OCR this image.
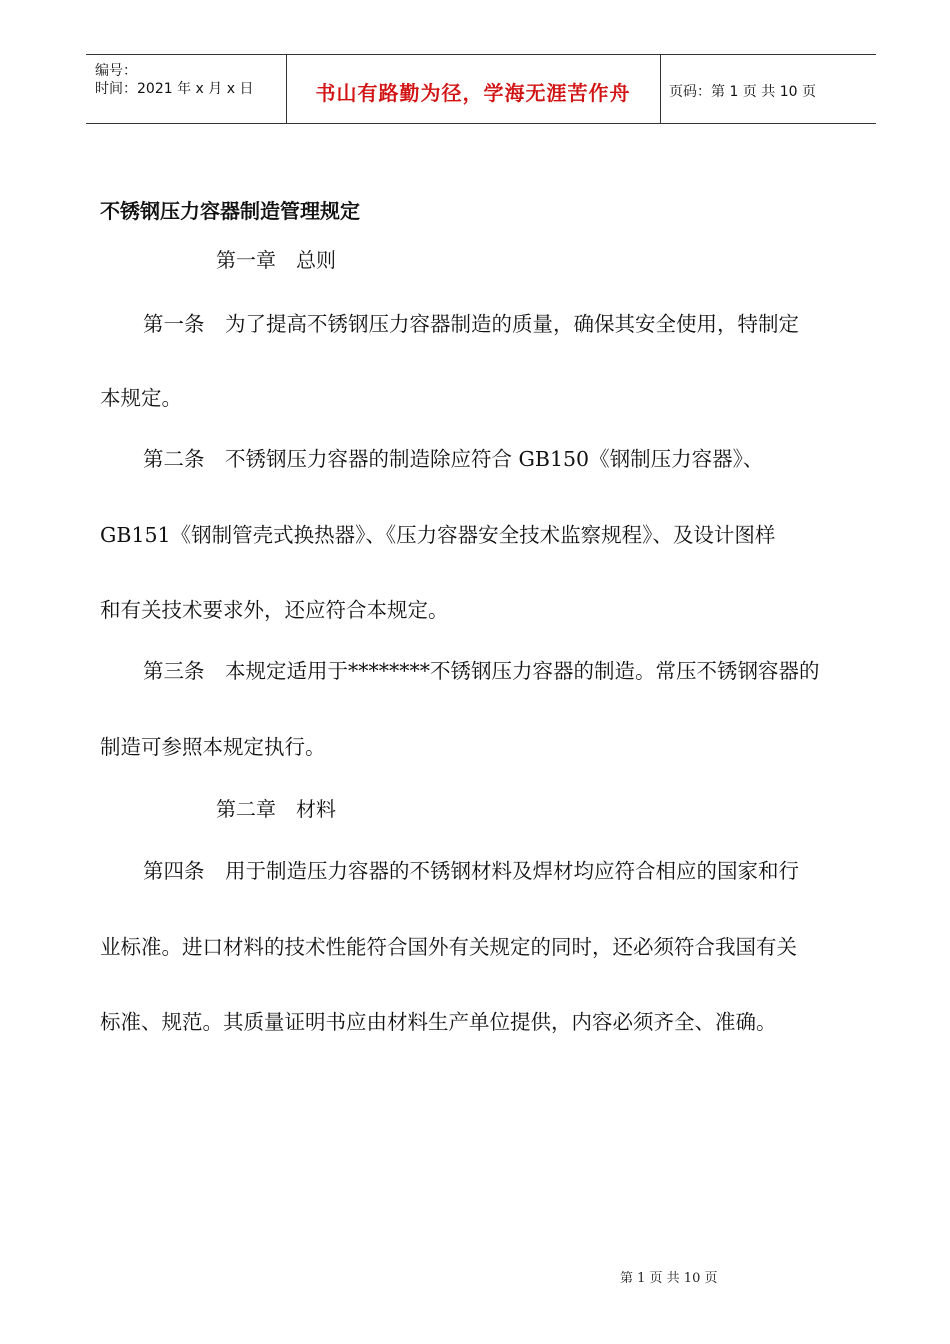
编号：
时间：2021 年 x 月 x 日	书山有路勤为径，学海无涯苦作舟	页码：第 1 页 共 10 页
不锈钢压力容器制造管理规定
第一章　总则
第一条　为了提高不锈钢压力容器制造的质量，确保其安全使用，特制定
本规定。
第二条　不锈钢压力容器的制造除应符合 GB150《钢制压力容器》、
GB151《钢制管壳式换热器》、《压力容器安全技术监察规程》、及设计图样
和有关技术要求外，还应符合本规定。
第三条　本规定适用于********不锈钢压力容器的制造。常压不锈钢容器的
制造可参照本规定执行。
第二章　材料
第四条　用于制造压力容器的不锈钢材料及焊材均应符合相应的国家和行
业标准。进口材料的技术性能符合国外有关规定的同时，还必须符合我国有关
标准、规范。其质量证明书应由材料生产单位提供，内容必须齐全、准确。
第 1 页 共 10 页
